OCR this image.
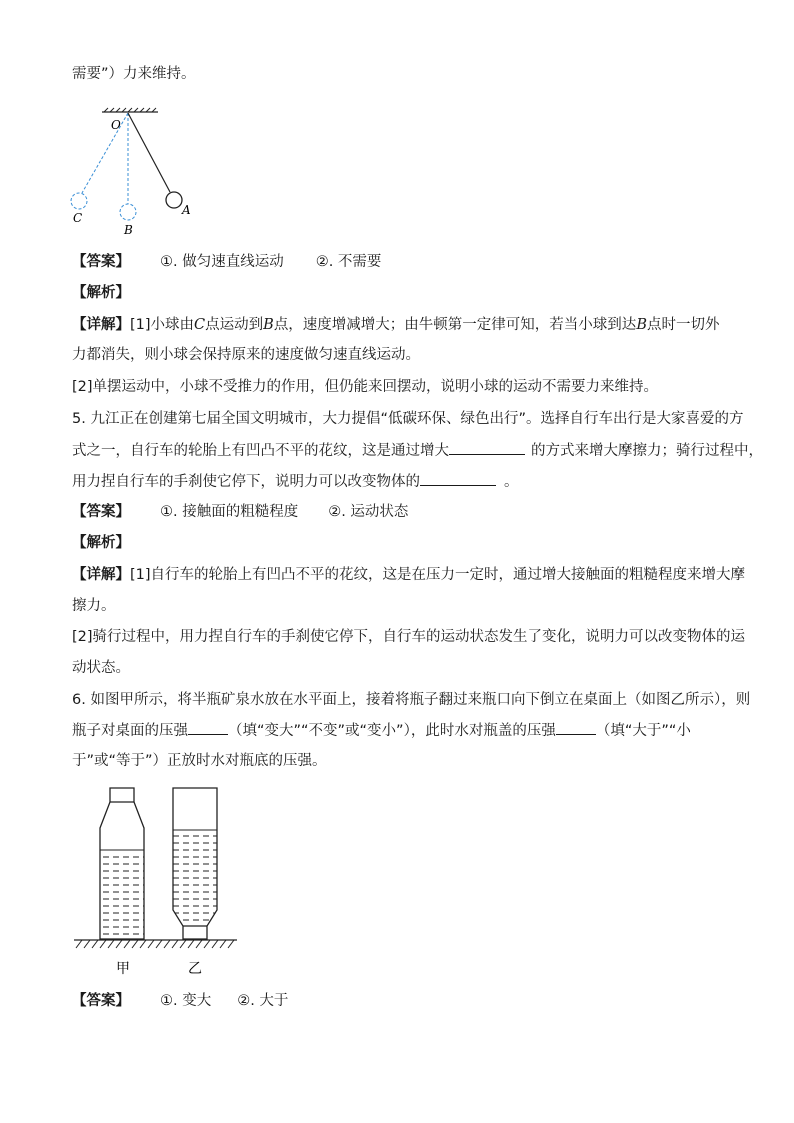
需要”）力来维持。
O
C
B
A
【答案】 ①. 做匀速直线运动 ②. 不需要
【解析】
【详解】[1]小球由C点运动到B点，速度增减增大；由牛顿第一定律可知，若当小球到达B点时一切外
力都消失，则小球会保持原来的速度做匀速直线运动。
[2]单摆运动中，小球不受推力的作用，但仍能来回摆动，说明小球的运动不需要力来维持。
5. 九江正在创建第七届全国文明城市，大力提倡“低碳环保、绿色出行”。选择自行车出行是大家喜爱的方
式之一，自行车的轮胎上有凹凸不平的花纹，这是通过增大	的方式来增大摩擦力；骑行过程中，
用力捏自行车的手刹使它停下，说明力可以改变物体的	。
【答案】 ①. 接触面的粗糙程度 ②. 运动状态
【解析】
【详解】[1]自行车的轮胎上有凹凸不平的花纹，这是在压力一定时，通过增大接触面的粗糙程度来增大摩
擦力。
[2]骑行过程中，用力捏自行车的手刹使它停下，自行车的运动状态发生了变化，说明力可以改变物体的运
动状态。
6. 如图甲所示，将半瓶矿泉水放在水平面上，接着将瓶子翻过来瓶口向下倒立在桌面上（如图乙所示），则
瓶子对桌面的压强	（填“变大”“不变”或“变小”），此时水对瓶盖的压强	（填“大于”“小
于”或“等于”）正放时水对瓶底的压强。
甲	乙
【答案】 ①. 变大 ②. 大于
